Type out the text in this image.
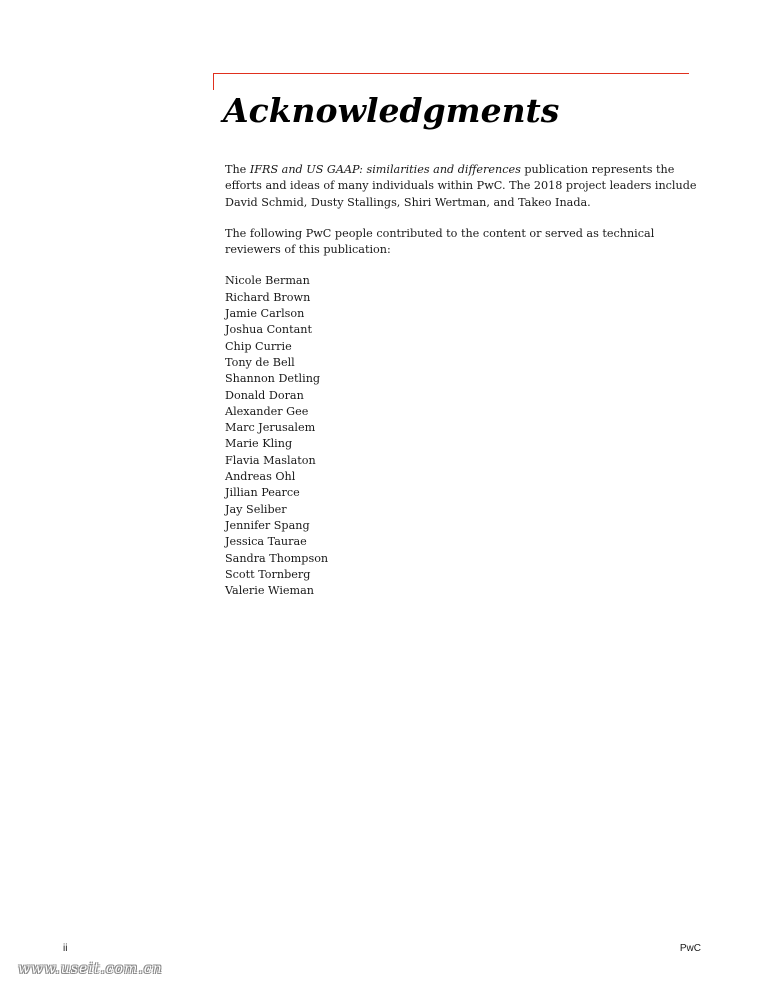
Acknowledgments

The IFRS and US GAAP: similarities and differences publication represents the efforts and ideas of many individuals within PwC. The 2018 project leaders include David Schmid, Dusty Stallings, Shiri Wertman, and Takeo Inada.

The following PwC people contributed to the content or served as technical reviewers of this publication:

Nicole Berman
Richard Brown
Jamie Carlson
Joshua Contant
Chip Currie
Tony de Bell
Shannon Detling
Donald Doran
Alexander Gee
Marc Jerusalem
Marie Kling
Flavia Maslaton
Andreas Ohl
Jillian Pearce
Jay Seliber
Jennifer Spang
Jessica Taurae
Sandra Thompson
Scott Tornberg
Valerie Wieman
ii	PwC
www.useit.com.cn
